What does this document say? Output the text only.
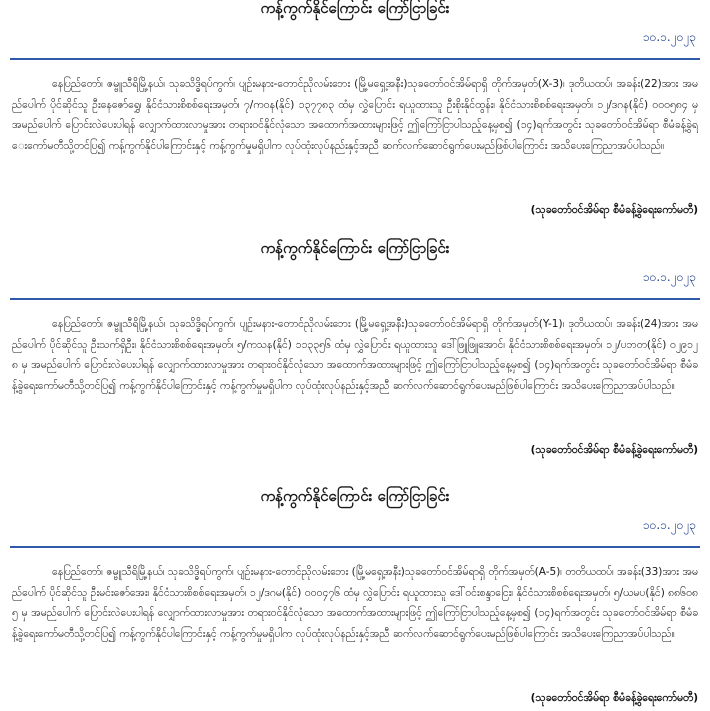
ကန့်ကွက်နိုင်ကြောင်း ကြော်ငြာခြင်း
၁၀.၁.၂၀၂၃

နေပြည်တော်၊ ဇမ္ဗူသီရိမြို့နယ်၊ သုခသိဒ္ဓိရပ်ကွက်၊ ပျဉ်းမနား-တောင်ညိုလမ်းဘေး (မြို့မရှေ့အနီး)သုခတော်ဝင်အိမ်ရာရှိ တိုက်အမှတ်(X-3)၊ ဒုတိယထပ်၊ အခန်း(22)အား အမည်ပေါက် ပိုင်ဆိုင်သူ ဦးနေဇော်ရွှေ၊ နိုင်ငံသားစိစစ်ရေးအမှတ်၊ ၇/ကဝန(နိုင်) ၁၃၇၇၈၃ ထံမှ လွှဲပြောင်း ရယူထားသူ ဦးစိုးနိုင်ထွန်း၊ နိုင်ငံသားစိစစ်ရေးအမှတ်၊ ၁၂/ဒဂန(နိုင်) ၀၀၀၅၈၄ မှ အမည်ပေါက် ပြောင်းလဲပေးပါရန် လျှောက်ထားလာမှုအား တရားဝင်နိုင်လုံသော အထောက်အထားများဖြင့် ဤကြော်ငြာပါသည့်နေ့မှစ၍ (၁၄)ရက်အတွင်း သုခတော်ဝင်အိမ်ရာ စီမံခန့်ခွဲရေးကော်မတီသို့တင်ပြ၍ ကန့်ကွက်နိုင်ပါကြောင်းနှင့် ကန့်ကွက်မှုမရှိပါက လုပ်ထုံးလုပ်နည်းနှင့်အညီ ဆက်လက်ဆောင်ရွက်ပေးမည်ဖြစ်ပါကြောင်း အသိပေးကြေညာအပ်ပါသည်။

(သုခတော်ဝင်အိမ်ရာ စီမံခန့်ခွဲရေးကော်မတီ)
ကန့်ကွက်နိုင်ကြောင်း ကြော်ငြာခြင်း
၁၀.၁.၂၀၂၃

နေပြည်တော်၊ ဇမ္ဗူသီရိမြို့နယ်၊ သုခသိဒ္ဓိရပ်ကွက်၊ ပျဉ်းမနား-တောင်ညိုလမ်းဘေး (မြို့မရှေ့အနီး)သုခတော်ဝင်အိမ်ရာရှိ တိုက်အမှတ်(Y-1)၊ ဒုတိယထပ်၊ အခန်း(24)အား အမည်ပေါက် ပိုင်ဆိုင်သူ ဦးသက်ရှိဦး၊ နိုင်ငံသားစိစစ်ရေးအမှတ်၊ ၅/ကသန(နိုင်) ၁၁၃၃၅၆ ထံမှ လွှဲပြောင်း ရယူထားသူ ဒေါ်ဖြူဖြူအောင်၊ နိုင်ငံသားစိစစ်ရေးအမှတ်၊ ၁၂/ပဘတ(နိုင်) ၀၂၉၁၂၈ မှ အမည်ပေါက် ပြောင်းလဲပေးပါရန် လျှောက်ထားလာမှုအား တရားဝင်နိုင်လုံသော အထောက်အထားများဖြင့် ဤကြော်ငြာပါသည့်နေ့မှစ၍ (၁၄)ရက်အတွင်း သုခတော်ဝင်အိမ်ရာ စီမံခန့်ခွဲရေးကော်မတီသို့တင်ပြ၍ ကန့်ကွက်နိုင်ပါကြောင်းနှင့် ကန့်ကွက်မှုမရှိပါက လုပ်ထုံးလုပ်နည်းနှင့်အညီ ဆက်လက်ဆောင်ရွက်ပေးမည်ဖြစ်ပါကြောင်း အသိပေးကြေညာအပ်ပါသည်။

(သုခတော်ဝင်အိမ်ရာ စီမံခန့်ခွဲရေးကော်မတီ)
ကန့်ကွက်နိုင်ကြောင်း ကြော်ငြာခြင်း
၁၀.၁.၂၀၂၃

နေပြည်တော်၊ ဇမ္ဗူသီရိမြို့နယ်၊ သုခသိဒ္ဓိရပ်ကွက်၊ ပျဉ်းမနား-တောင်ညိုလမ်းဘေး (မြို့မရှေ့အနီး)သုခတော်ဝင်အိမ်ရာရှိ တိုက်အမှတ်(A-5)၊ တတိယထပ်၊ အခန်း(33)အား အမည်ပေါက် ပိုင်ဆိုင်သူ ဦးမင်းဇော်အေး၊ နိုင်ငံသားစိစစ်ရေးအမှတ်၊ ၁၂/ဒဂမ(နိုင်) ၀၀၀၄၇၆ ထံမှ လွှဲပြောင်း ရယူထားသူ ဒေါ်ဝင်းစန္ဒာငြေး၊ နိုင်ငံသားစိစစ်ရေးအမှတ်၊ ၅/ယမပ(နိုင်) ၈၈၆၀၈၅ မှ အမည်ပေါက် ပြောင်းလဲပေးပါရန် လျှောက်ထားလာမှုအား တရားဝင်နိုင်လုံသော အထောက်အထားများဖြင့် ဤကြော်ငြာပါသည့်နေ့မှစ၍ (၁၄)ရက်အတွင်း သုခတော်ဝင်အိမ်ရာ စီမံခန့်ခွဲရေးကော်မတီသို့တင်ပြ၍ ကန့်ကွက်နိုင်ပါကြောင်းနှင့် ကန့်ကွက်မှုမရှိပါက လုပ်ထုံးလုပ်နည်းနှင့်အညီ ဆက်လက်ဆောင်ရွက်ပေးမည်ဖြစ်ပါကြောင်း အသိပေးကြေညာအပ်ပါသည်။

(သုခတော်ဝင်အိမ်ရာ စီမံခန့်ခွဲရေးကော်မတီ)
